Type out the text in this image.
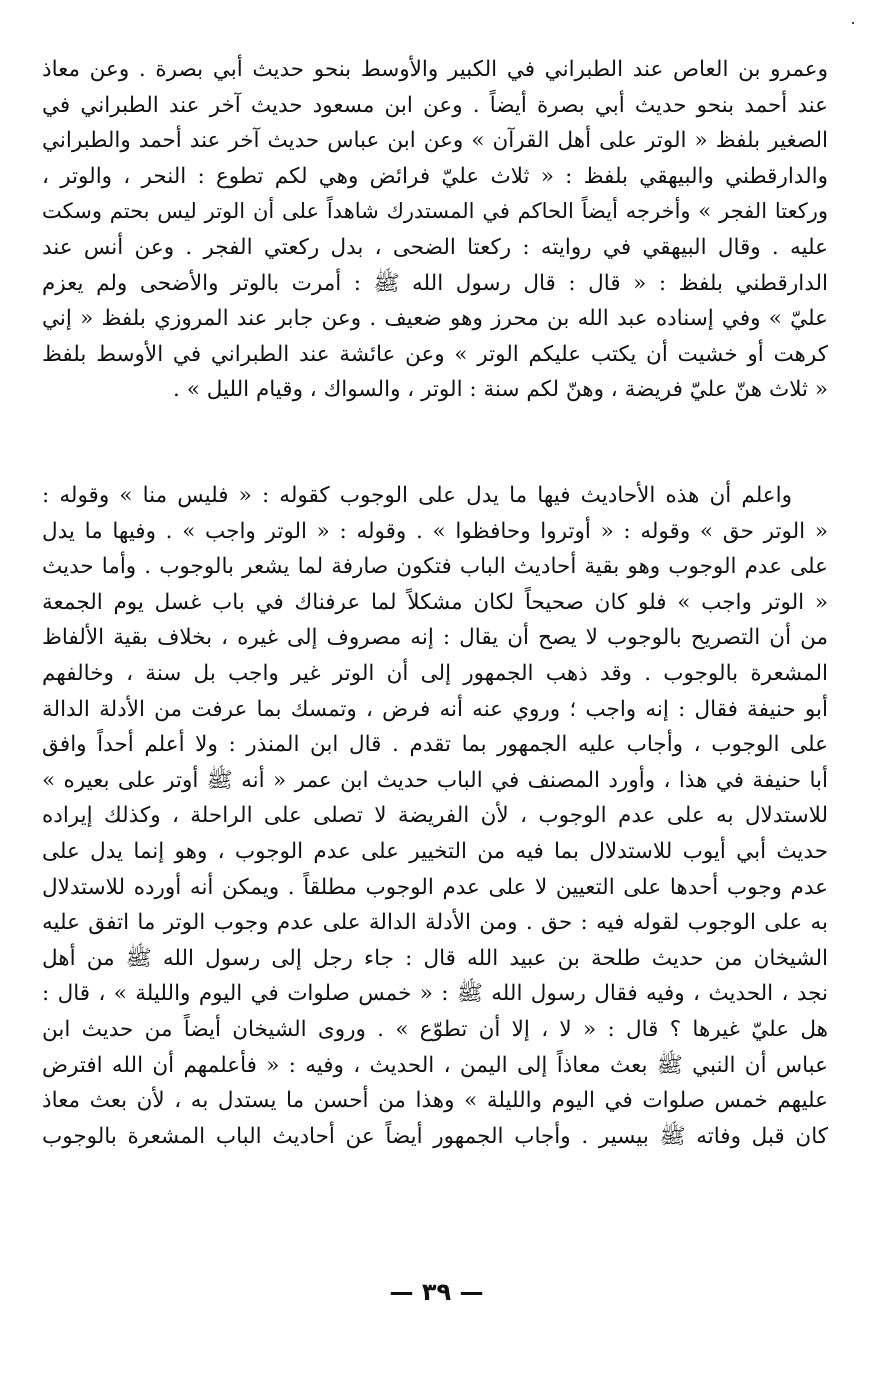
وعمرو بن العاص عند الطبراني في الكبير والأوسط بنحو حديث أبي بصرة . وعن معاذ
عند أحمد بنحو حديث أبي بصرة أيضاً . وعن ابن مسعود حديث آخر عند الطبراني في
الصغير بلفظ « الوتر على أهل القرآن » وعن ابن عباس حديث آخر عند أحمد والطبراني
والدارقطني والبيهقي بلفظ : « ثلاث عليّ فرائض وهي لكم تطوع : النحر ، والوتر ،
وركعتا الفجر » وأخرجه أيضاً الحاكم في المستدرك شاهداً على أن الوتر ليس بحتم وسكت
عليه . وقال البيهقي في روايته : ركعتا الضحى ، بدل ركعتي الفجر . وعن أنس عند
الدارقطني بلفظ : « قال : قال رسول الله ﷺ : أمرت بالوتر والأضحى ولم يعزم
عليّ » وفي إسناده عبد الله بن محرز وهو ضعيف . وعن جابر عند المروزي بلفظ « إني
كرهت أو خشيت أن يكتب عليكم الوتر » وعن عائشة عند الطبراني في الأوسط بلفظ
« ثلاث هنّ عليّ فريضة ، وهنّ لكم سنة : الوتر ، والسواك ، وقيام الليل » .
واعلم أن هذه الأحاديث فيها ما يدل على الوجوب كقوله : « فليس منا » وقوله :
« الوتر حق » وقوله : « أوتروا وحافظوا » . وقوله : « الوتر واجب » . وفيها ما يدل
على عدم الوجوب وهو بقية أحاديث الباب فتكون صارفة لما يشعر بالوجوب . وأما حديث
« الوتر واجب » فلو كان صحيحاً لكان مشكلاً لما عرفناك في باب غسل يوم الجمعة
من أن التصريح بالوجوب لا يصح أن يقال : إنه مصروف إلى غيره ، بخلاف بقية الألفاظ
المشعرة بالوجوب . وقد ذهب الجمهور إلى أن الوتر غير واجب بل سنة ، وخالفهم
أبو حنيفة فقال : إنه واجب ؛ وروي عنه أنه فرض ، وتمسك بما عرفت من الأدلة الدالة
على الوجوب ، وأجاب عليه الجمهور بما تقدم . قال ابن المنذر : ولا أعلم أحداً وافق
أبا حنيفة في هذا ، وأورد المصنف في الباب حديث ابن عمر « أنه ﷺ أوتر على بعيره »
للاستدلال به على عدم الوجوب ، لأن الفريضة لا تصلى على الراحلة ، وكذلك إيراده
حديث أبي أيوب للاستدلال بما فيه من التخيير على عدم الوجوب ، وهو إنما يدل على
عدم وجوب أحدها على التعيين لا على عدم الوجوب مطلقاً . ويمكن أنه أورده للاستدلال
به على الوجوب لقوله فيه : حق . ومن الأدلة الدالة على عدم وجوب الوتر ما اتفق عليه
الشيخان من حديث طلحة بن عبيد الله قال : جاء رجل إلى رسول الله ﷺ من أهل
نجد ، الحديث ، وفيه فقال رسول الله ﷺ : « خمس صلوات في اليوم والليلة » ، قال :
هل عليّ غيرها ؟ قال : « لا ، إلا أن تطوّع » . وروى الشيخان أيضاً من حديث ابن
عباس أن النبي ﷺ بعث معاذاً إلى اليمن ، الحديث ، وفيه : « فأعلمهم أن الله افترض
عليهم خمس صلوات في اليوم والليلة » وهذا من أحسن ما يستدل به ، لأن بعث معاذ
كان قبل وفاته ﷺ بيسير . وأجاب الجمهور أيضاً عن أحاديث الباب المشعرة بالوجوب
— ٣٩ —
